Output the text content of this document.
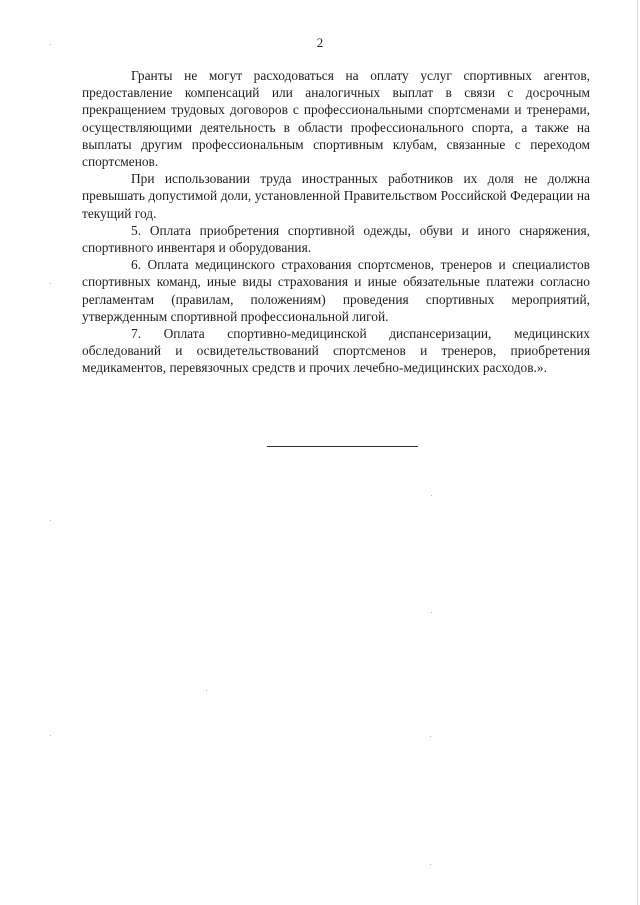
2

Гранты не могут расходоваться на оплату услуг спортивных агентов, предоставление компенсаций или аналогичных выплат в связи с досрочным прекращением трудовых договоров с профессиональными спортсменами и тренерами, осуществляющими деятельность в области профессионального спорта, а также на выплаты другим профессиональным спортивным клубам, связанные с переходом спортсменов.

При использовании труда иностранных работников их доля не должна превышать допустимой доли, установленной Правительством Российской Федерации на текущий год.

5. Оплата приобретения спортивной одежды, обуви и иного снаряжения, спортивного инвентаря и оборудования.

6. Оплата медицинского страхования спортсменов, тренеров и специалистов спортивных команд, иные виды страхования и иные обязательные платежи согласно регламентам (правилам, положениям) проведения спортивных мероприятий, утвержденным спортивной профессиональной лигой.

7. Оплата спортивно-медицинской диспансеризации, медицинских обследований и освидетельствований спортсменов и тренеров, приобретения медикаментов, перевязочных средств и прочих лечебно-медицинских расходов.».
